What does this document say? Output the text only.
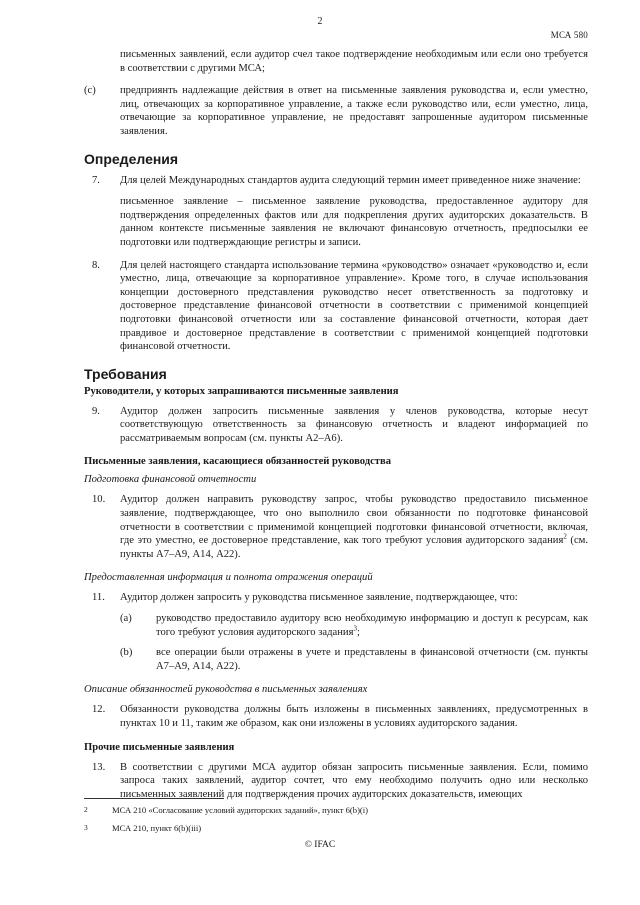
2
МСА 580

письменных заявлений, если аудитор счел такое подтверждение необходимым или если оно требуется в соответствии с другими МСА;

(c)	предприянть надлежащие действия в ответ на письменные заявления руководства и, если уместно, лиц, отвечающих за корпоративное управление, а также если руководство или, если уместно, лица, отвечающие за корпоративное управление, не предоставят запрошенные аудитором письменные заявления.
Определения
7.	Для целей Международных стандартов аудита следующий термин имеет приведенное ниже значение:

письменное заявление – письменное заявление руководства, предоставленное аудитору для подтверждения определенных фактов или для подкрепления других аудиторских доказательств. В данном контексте письменные заявления не включают финансовую отчетность, предпосылки ее подготовки или подтверждающие регистры и записи.

8.	Для целей настоящего стандарта использование термина «руководство» означает «руководство и, если уместно, лица, отвечающие за корпоративное управление». Кроме того, в случае использования концепции достоверного представления руководство несет ответственность за подготовку и достоверное представление финансовой отчетности в соответствии с применимой концепцией подготовки финансовой отчетности или за составление финансовой отчетности, которая дает правдивое и достоверное представление в соответствии с применимой концепцией подготовки финансовой отчетности.
Требования
Руководители, у которых запрашиваются письменные заявления
9.	Аудитор должен запросить письменные заявления у членов руководства, которые несут соответствующую ответственность за финансовую отчетность и владеют информацией по рассматриваемым вопросам (см. пункты А2–А6).
Письменные заявления, касающиеся обязанностей руководства
Подготовка финансовой отчетности
10.	Аудитор должен направить руководству запрос, чтобы руководство предоставило письменное заявление, подтверждающее, что оно выполнило свои обязанности по подготовке финансовой отчетности в соответствии с применимой концепцией подготовки финансовой отчетности, включая, где это уместно, ее достоверное представление, как того требуют условия аудиторского задания$^2$ (см. пункты А7–А9, А14, А22).
Предоставленная информация и полнота отражения операций
11.	Аудитор должен запросить у руководства письменное заявление, подтверждающее, что:
(a)	руководство предоставило аудитору всю необходимую информацию и доступ к ресурсам, как того требуют условия аудиторского задания$^3$;
(b)	все операции были отражены в учете и представлены в финансовой отчетности (см. пункты А7–А9, А14, А22).
Описание обязанностей руководства в письменных заявлениях
12.	Обязанности руководства должны быть изложены в письменных заявлениях, предусмотренных в пунктах 10 и 11, таким же образом, как они изложены в условиях аудиторского задания.
Прочие письменные заявления
13.	В соответствии с другими МСА аудитор обязан запросить письменные заявления. Если, помимо запроса таких заявлений, аудитор сочтет, что ему необходимо получить одно или несколько письменных заявлений для подтверждения прочих аудиторских доказательств, имеющих
2	МСА 210 «Согласование условий аудиторских заданий», пункт 6(b)(i)
3	МСА 210, пункт 6(b)(iii)
© IFAC
